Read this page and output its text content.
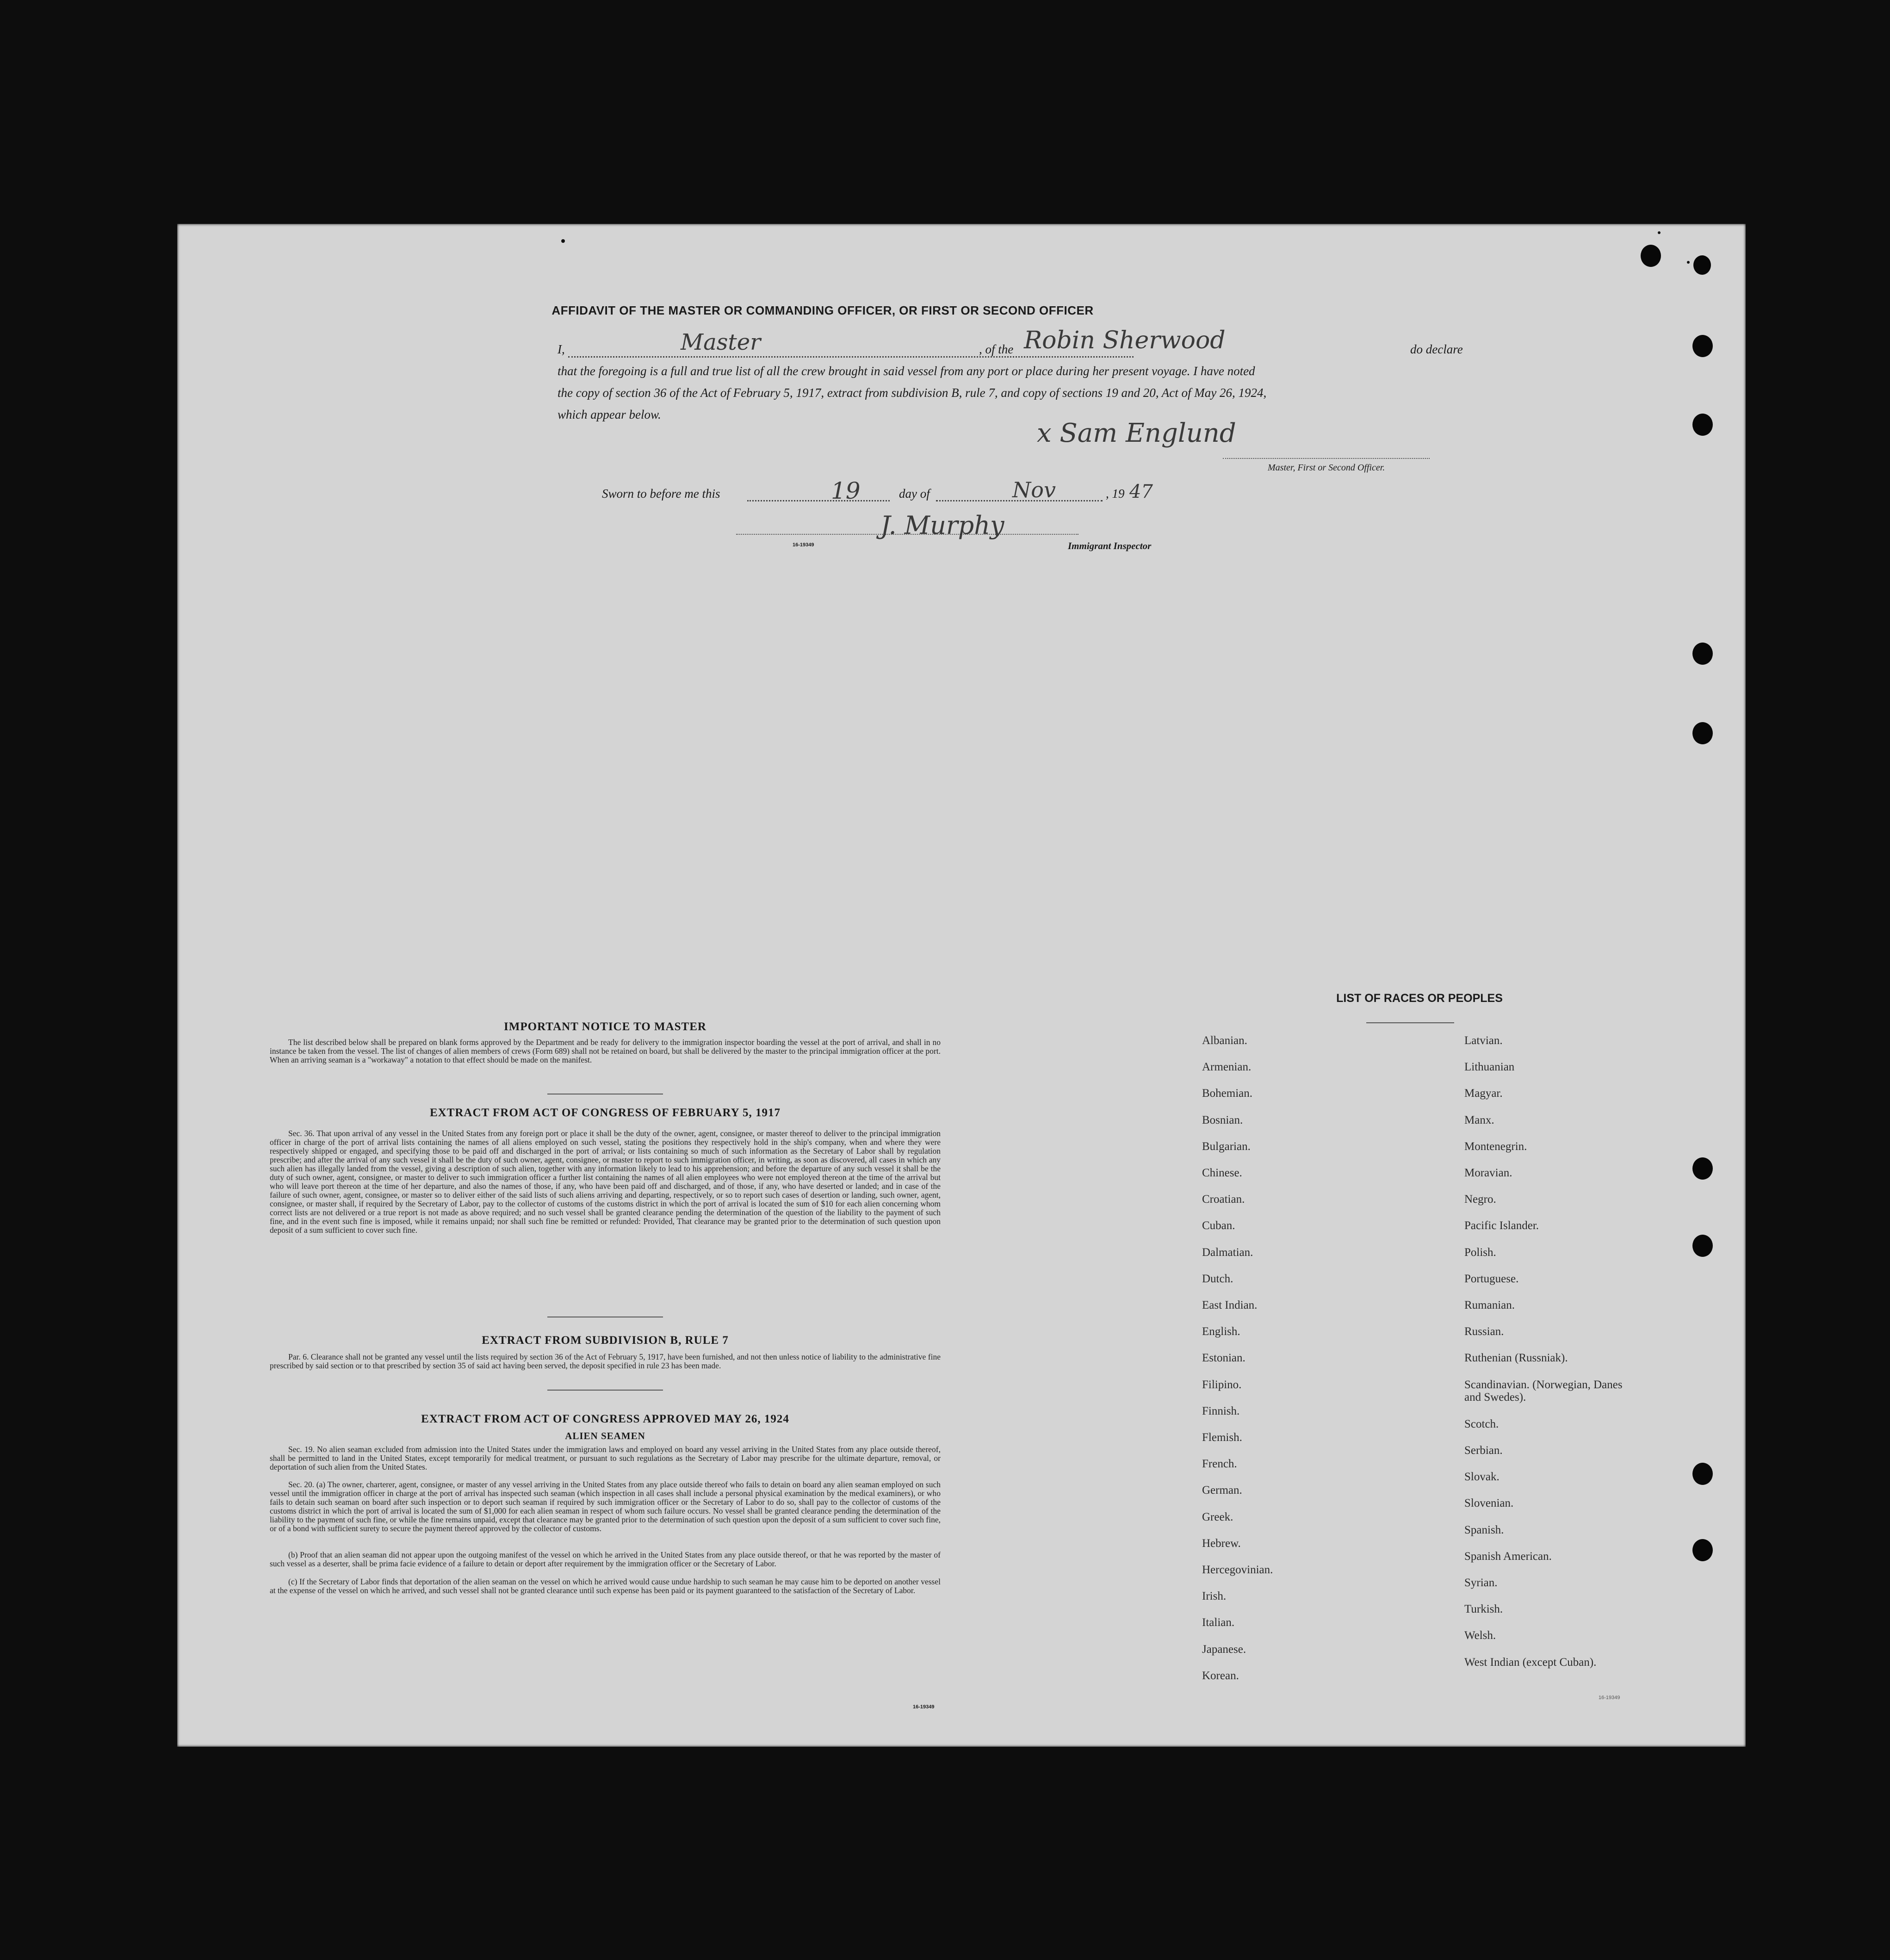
AFFIDAVIT OF THE MASTER OR COMMANDING OFFICER, OR FIRST OR SECOND OFFICER
I,	Master	, of the Robin Sherwood	do declare
that the foregoing is a full and true list of all the crew brought in said vessel from any port or place during her present voyage. I have noted
the copy of section 36 of the Act of February 5, 1917, extract from subdivision B, rule 7, and copy of sections 19 and 20, Act of May 26, 1924,
which appear below.
x Sam Englund
Master, First or Second Officer.
Sworn to before me this	19	day of	Nov	, 19 47
J. Murphy
16-19349	Immigrant Inspector
IMPORTANT NOTICE TO MASTER
The list described below shall be prepared on blank forms approved by the Department and be ready for delivery to the immigration inspector boarding the vessel at the port of arrival, and shall in no instance be taken from the vessel. The list of changes of alien members of crews (Form 689) shall not be retained on board, but shall be delivered by the master to the principal immigration officer at the port. When an arriving seaman is a "workaway" a notation to that effect should be made on the manifest.
EXTRACT FROM ACT OF CONGRESS OF FEBRUARY 5, 1917
Sec. 36. That upon arrival of any vessel in the United States from any foreign port or place it shall be the duty of the owner, agent, consignee, or master thereof to deliver to the principal immigration officer in charge of the port of arrival lists containing the names of all aliens employed on such vessel, stating the positions they respectively hold in the ship's company, when and where they were respectively shipped or engaged, and specifying those to be paid off and discharged in the port of arrival; or lists containing so much of such information as the Secretary of Labor shall by regulation prescribe; and after the arrival of any such vessel it shall be the duty of such owner, agent, consignee, or master to report to such immigration officer, in writing, as soon as discovered, all cases in which any such alien has illegally landed from the vessel, giving a description of such alien, together with any information likely to lead to his apprehension; and before the departure of any such vessel it shall be the duty of such owner, agent, consignee, or master to deliver to such immigration officer a further list containing the names of all alien employees who were not employed thereon at the time of the arrival but who will leave port thereon at the time of her departure, and also the names of those, if any, who have been paid off and discharged, and of those, if any, who have deserted or landed; and in case of the failure of such owner, agent, consignee, or master so to deliver either of the said lists of such aliens arriving and departing, respectively, or so to report such cases of desertion or landing, such owner, agent, consignee, or master shall, if required by the Secretary of Labor, pay to the collector of customs of the customs district in which the port of arrival is located the sum of $10 for each alien concerning whom correct lists are not delivered or a true report is not made as above required; and no such vessel shall be granted clearance pending the determination of the question of the liability to the payment of such fine, and in the event such fine is imposed, while it remains unpaid; nor shall such fine be remitted or refunded: Provided, That clearance may be granted prior to the determination of such question upon deposit of a sum sufficient to cover such fine.
EXTRACT FROM SUBDIVISION B, RULE 7
Par. 6. Clearance shall not be granted any vessel until the lists required by section 36 of the Act of February 5, 1917, have been furnished, and not then unless notice of liability to the administrative fine prescribed by said section or to that prescribed by section 35 of said act having been served, the deposit specified in rule 23 has been made.
EXTRACT FROM ACT OF CONGRESS APPROVED MAY 26, 1924
ALIEN SEAMEN
Sec. 19. No alien seaman excluded from admission into the United States under the immigration laws and employed on board any vessel arriving in the United States from any place outside thereof, shall be permitted to land in the United States, except temporarily for medical treatment, or pursuant to such regulations as the Secretary of Labor may prescribe for the ultimate departure, removal, or deportation of such alien from the United States.
Sec. 20. (a) The owner, charterer, agent, consignee, or master of any vessel arriving in the United States from any place outside thereof who fails to detain on board any alien seaman employed on such vessel until the immigration officer in charge at the port of arrival has inspected such seaman (which inspection in all cases shall include a personal physical examination by the medical examiners), or who fails to detain such seaman on board after such inspection or to deport such seaman if required by such immigration officer or the Secretary of Labor to do so, shall pay to the collector of customs of the customs district in which the port of arrival is located the sum of $1,000 for each alien seaman in respect of whom such failure occurs. No vessel shall be granted clearance pending the determination of the liability to the payment of such fine, or while the fine remains unpaid, except that clearance may be granted prior to the determination of such question upon the deposit of a sum sufficient to cover such fine, or of a bond with sufficient surety to secure the payment thereof approved by the collector of customs.
(b) Proof that an alien seaman did not appear upon the outgoing manifest of the vessel on which he arrived in the United States from any place outside thereof, or that he was reported by the master of such vessel as a deserter, shall be prima facie evidence of a failure to detain or deport after requirement by the immigration officer or the Secretary of Labor.
(c) If the Secretary of Labor finds that deportation of the alien seaman on the vessel on which he arrived would cause undue hardship to such seaman he may cause him to be deported on another vessel at the expense of the vessel on which he arrived, and such vessel shall not be granted clearance until such expense has been paid or its payment guaranteed to the satisfaction of the Secretary of Labor.
16-19349
LIST OF RACES OR PEOPLES
16-19349
Albanian.
Armenian.
Bohemian.
Bosnian.
Bulgarian.
Chinese.
Croatian.
Cuban.
Dalmatian.
Dutch.
East Indian.
English.
Estonian.
Filipino.
Finnish.
Flemish.
French.
German.
Greek.
Hebrew.
Hercegovinian.
Irish.
Italian.
Japanese.
Korean.
Latvian.
Lithuanian
Magyar.
Manx.
Montenegrin.
Moravian.
Negro.
Pacific Islander.
Polish.
Portuguese.
Rumanian.
Russian.
Ruthenian (Russniak).
Scandinavian. (Norwegian, Danes and Swedes).
Scotch.
Serbian.
Slovak.
Slovenian.
Spanish.
Spanish American.
Syrian.
Turkish.
Welsh.
West Indian (except Cuban).
